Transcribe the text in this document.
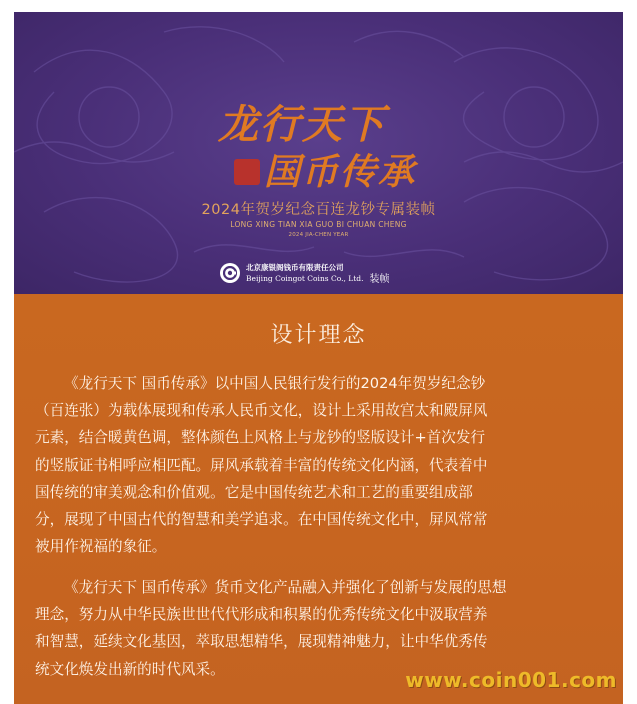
龙行天下
国币传承
2024年贺岁纪念百连龙钞专属装帧
LONG XING TIAN XIA GUO BI CHUAN CHENG
2024 JIA-CHEN YEAR
北京康银阁钱币有限责任公司
Beijing Coingot Coins Co., Ltd. 装帧
设计理念
《龙行天下 国币传承》以中国人民银行发行的2024年贺岁纪念钞
（百连张）为载体展现和传承人民币文化，设计上采用故宫太和殿屏风
元素，结合暖黄色调，整体颜色上风格上与龙钞的竖版设计+首次发行
的竖版证书相呼应相匹配。屏风承载着丰富的传统文化内涵，代表着中
国传统的审美观念和价值观。它是中国传统艺术和工艺的重要组成部
分，展现了中国古代的智慧和美学追求。在中国传统文化中，屏风常常
被用作祝福的象征。
《龙行天下 国币传承》货币文化产品融入并强化了创新与发展的思想
理念，努力从中华民族世世代代形成和积累的优秀传统文化中汲取营养
和智慧，延续文化基因，萃取思想精华，展现精神魅力，让中华优秀传
统文化焕发出新的时代风采。	www.coin001.com
